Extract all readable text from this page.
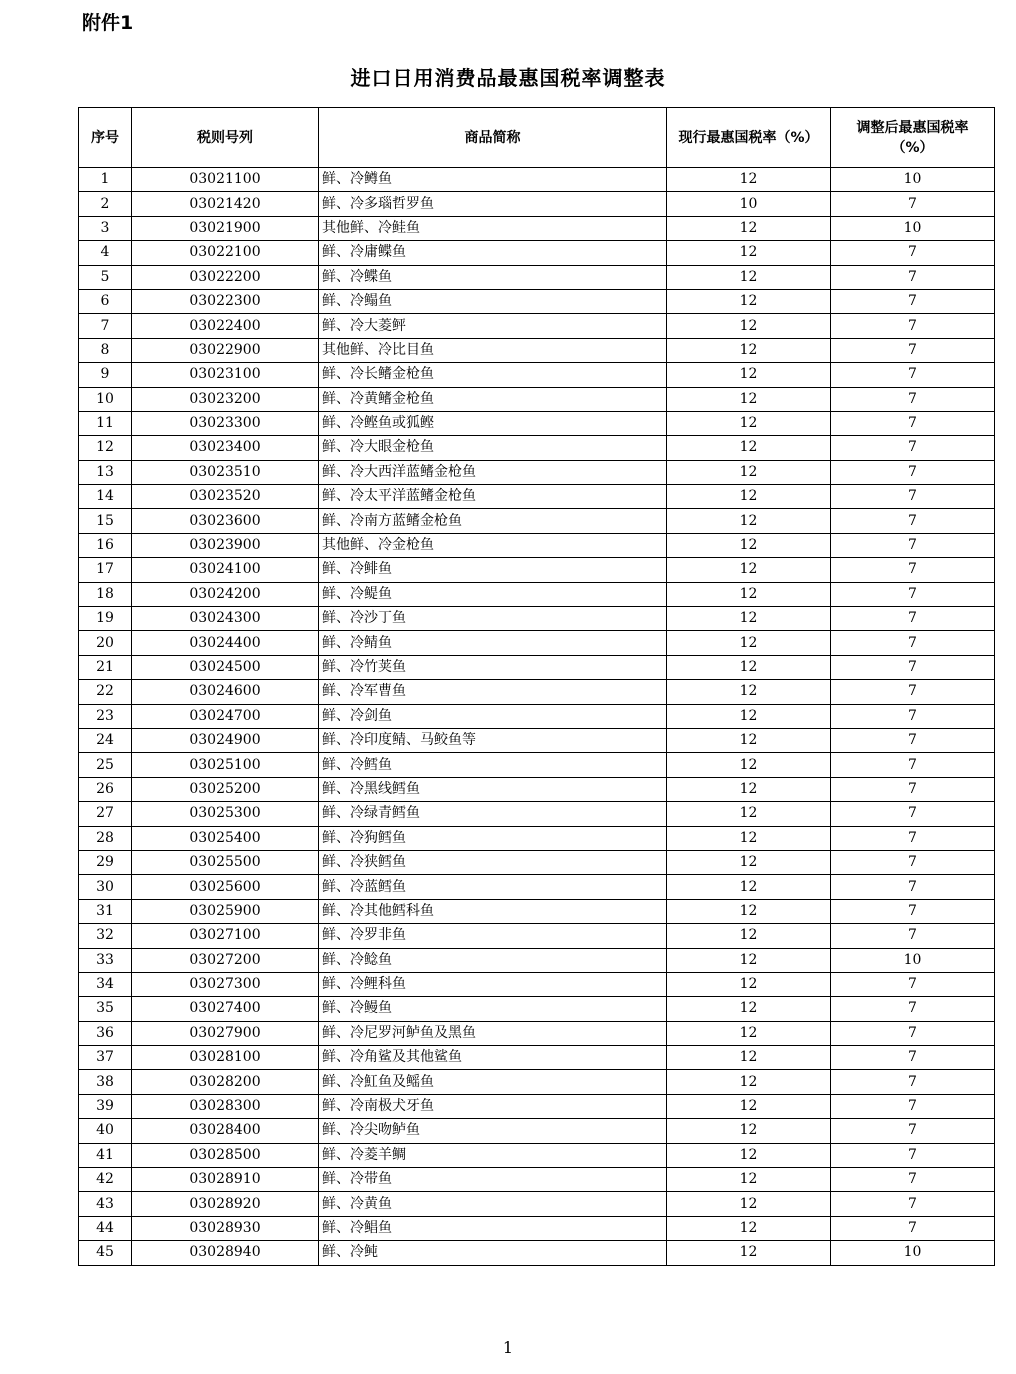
附件1
进口日用消费品最惠国税率调整表
序号	税则号列	商品简称	现行最惠国税率（%）	调整后最惠国税率（%）
1	03021100	鲜、冷鳟鱼	12	10
2	03021420	鲜、冷多瑙哲罗鱼	10	7
3	03021900	其他鲜、冷鲑鱼	12	10
4	03022100	鲜、冷庸鲽鱼	12	7
5	03022200	鲜、冷鲽鱼	12	7
6	03022300	鲜、冷鳎鱼	12	7
7	03022400	鲜、冷大菱鲆	12	7
8	03022900	其他鲜、冷比目鱼	12	7
9	03023100	鲜、冷长鳍金枪鱼	12	7
10	03023200	鲜、冷黄鳍金枪鱼	12	7
11	03023300	鲜、冷鲣鱼或狐鲣	12	7
12	03023400	鲜、冷大眼金枪鱼	12	7
13	03023510	鲜、冷大西洋蓝鳍金枪鱼	12	7
14	03023520	鲜、冷太平洋蓝鳍金枪鱼	12	7
15	03023600	鲜、冷南方蓝鳍金枪鱼	12	7
16	03023900	其他鲜、冷金枪鱼	12	7
17	03024100	鲜、冷鲱鱼	12	7
18	03024200	鲜、冷鳀鱼	12	7
19	03024300	鲜、冷沙丁鱼	12	7
20	03024400	鲜、冷鲭鱼	12	7
21	03024500	鲜、冷竹荚鱼	12	7
22	03024600	鲜、冷军曹鱼	12	7
23	03024700	鲜、冷剑鱼	12	7
24	03024900	鲜、冷印度鲭、马鲛鱼等	12	7
25	03025100	鲜、冷鳕鱼	12	7
26	03025200	鲜、冷黑线鳕鱼	12	7
27	03025300	鲜、冷绿青鳕鱼	12	7
28	03025400	鲜、冷狗鳕鱼	12	7
29	03025500	鲜、冷狭鳕鱼	12	7
30	03025600	鲜、冷蓝鳕鱼	12	7
31	03025900	鲜、冷其他鳕科鱼	12	7
32	03027100	鲜、冷罗非鱼	12	7
33	03027200	鲜、冷鲶鱼	12	10
34	03027300	鲜、冷鲤科鱼	12	7
35	03027400	鲜、冷鳗鱼	12	7
36	03027900	鲜、冷尼罗河鲈鱼及黑鱼	12	7
37	03028100	鲜、冷角鲨及其他鲨鱼	12	7
38	03028200	鲜、冷魟鱼及鳐鱼	12	7
39	03028300	鲜、冷南极犬牙鱼	12	7
40	03028400	鲜、冷尖吻鲈鱼	12	7
41	03028500	鲜、冷菱羊鲷	12	7
42	03028910	鲜、冷带鱼	12	7
43	03028920	鲜、冷黄鱼	12	7
44	03028930	鲜、冷鲳鱼	12	7
45	03028940	鲜、冷鲀	12	10
1
